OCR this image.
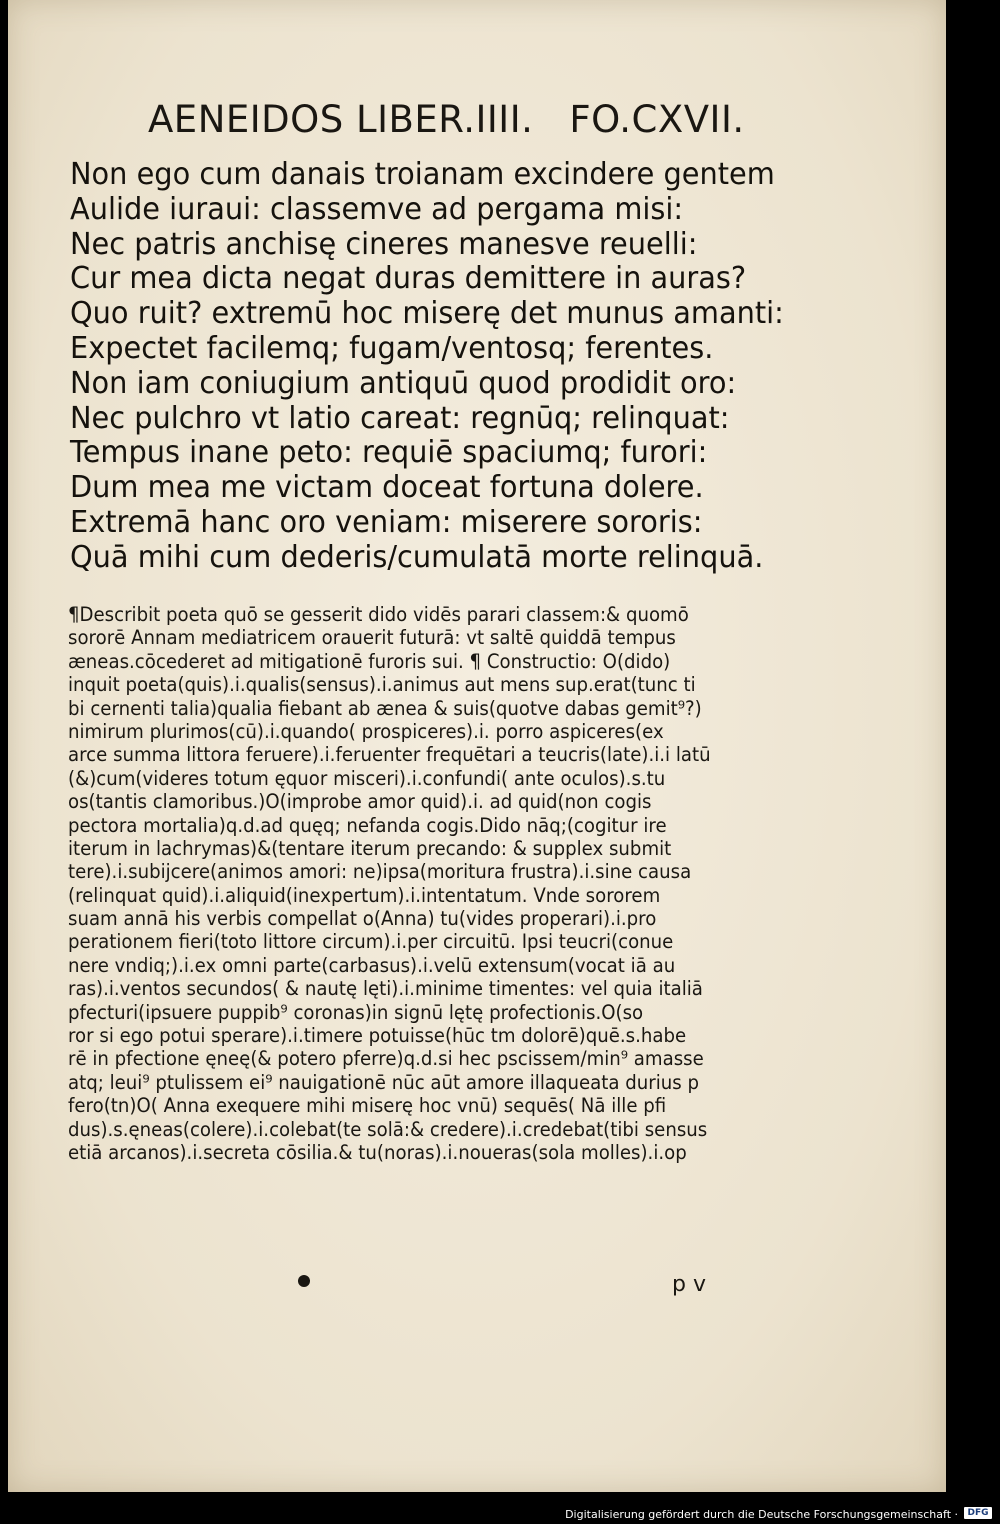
AENEIDOS LIBER.IIII. FO.CXVII.
Non ego cum danais troianam excindere gentem
Aulide iuraui: classemve ad pergama misi:
Nec patris anchisę cineres manesve reuelli:
Cur mea dicta negat duras demittere in auras?
Quo ruit? extremū hoc miserę det munus amanti:
Expectet facilemq; fugam/ventosq; ferentes.
Non iam coniugium antiquū quod prodidit oro:
Nec pulchro vt latio careat: regnūq; relinquat:
Tempus inane peto: requiē spaciumq; furori:
Dum mea me victam doceat fortuna dolere.
Extremā hanc oro veniam: miserere sororis:
Quā mihi cum dederis/cumulatā morte relinquā.
¶Describit poeta quō se gesserit dido vidēs parari classem:& quomō
sororē Annam mediatricem orauerit futurā: vt saltē quiddā tempus
æneas.cōcederet ad mitigationē furoris sui. ¶ Constructio: O(dido)
inquit poeta(quis).i.qualis(sensus).i.animus aut mens sup.erat(tunc ti
bi cernenti talia)qualia fiebant ab ænea & suis(quotve dabas gemit⁹?)
nimirum plurimos(cū).i.quando( prospiceres).i. porro aspiceres(ex
arce summa littora feruere).i.feruenter frequētari a teucris(late).i.i latū
(&)cum(videres totum ęquor misceri).i.confundi( ante oculos).s.tu
os(tantis clamoribus.)O(improbe amor quid).i. ad quid(non cogis
pectora mortalia)q.d.ad quęq; nefanda cogis.Dido nāq;(cogitur ire
iterum in lachrymas)&(tentare iterum precando: & supplex submit
tere).i.subijcere(animos amori: ne)ipsa(moritura frustra).i.sine causa
(relinquat quid).i.aliquid(inexpertum).i.intentatum. Vnde sororem
suam annā his verbis compellat o(Anna) tu(vides properari).i.pro
perationem fieri(toto littore circum).i.per circuitū. Ipsi teucri(conue
nere vndiq;).i.ex omni parte(carbasus).i.velū extensum(vocat iā au
ras).i.ventos secundos( & nautę lęti).i.minime timentes: vel quia italiā
pfecturi(ipsuere puppib⁹ coronas)in signū lętę profectionis.O(so
ror si ego potui sperare).i.timere potuisse(hūc tm dolorē)quē.s.habe
rē in pfectione ęneę(& potero pferre)q.d.si hec pscissem/min⁹ amasse
atq; leui⁹ ptulissem ei⁹ nauigationē nūc aūt amore illaqueata durius p
fero(tn)O( Anna exequere mihi miserę hoc vnū) sequēs( Nā ille pfi
dus).s.ęneas(colere).i.colebat(te solā:& credere).i.credebat(tibi sensus
etiā arcanos).i.secreta cōsilia.& tu(noras).i.noueras(sola molles).i.op
p v
Digitalisierung gefördert durch die Deutsche Forschungsgemeinschaft ·	DFG
